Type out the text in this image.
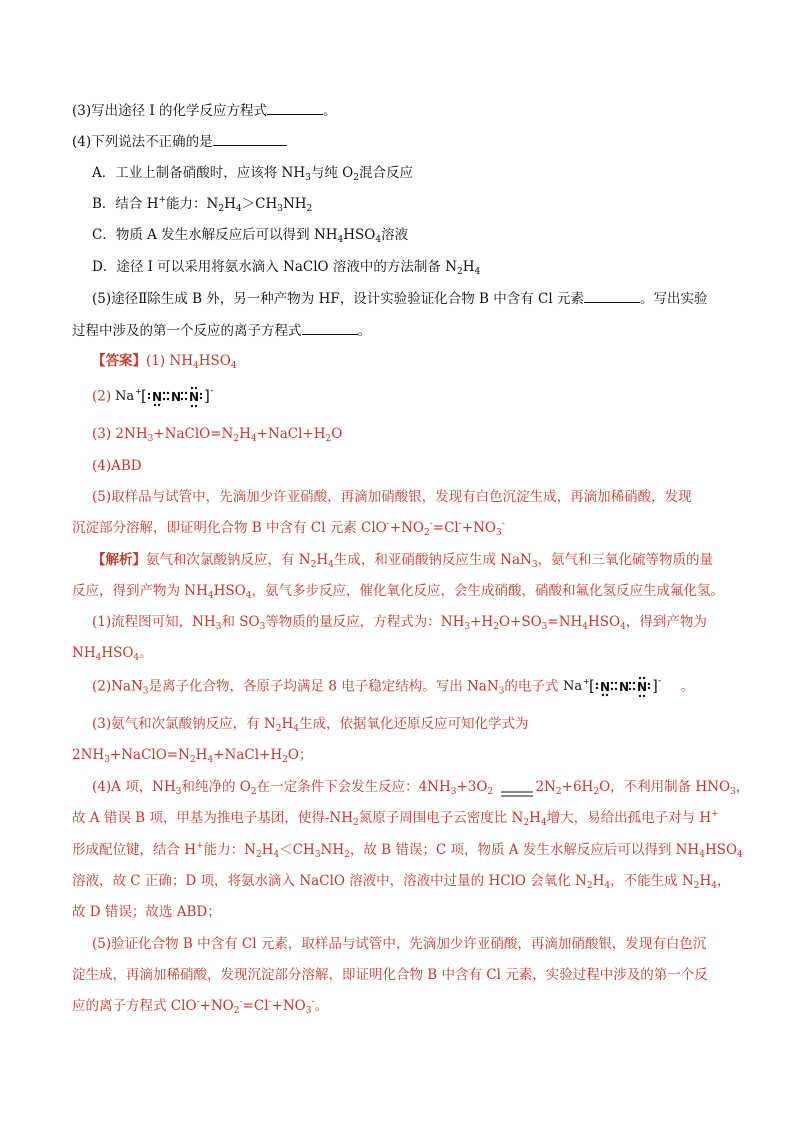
(3)写出途径 I 的化学反应方程式	。
(4)下列说法不正确的是
A．工业上制备硝酸时，应该将 $NH_3$与纯 $O_2$混合反应
B．结合 H+能力：$N_2H_4>CH_3NH_2$
C．物质 A 发生水解反应后可以得到 $NH_4HSO_4$溶液
D．途径 I 可以采用将氨水滴入 NaClO 溶液中的方法制备 $N_2H_4$
(5)途径Ⅱ除生成 B 外，另一种产物为 HF，设计实验验证化合物 B 中含有 Cl 元素	。写出实验
过程中涉及的第一个反应的离子方程式	。
【答案】(1) $NH_4HSO_4$
(2) Na + [ N N N ] -
(3) $2NH_3+NaClO=N_2H_4+NaCl+H_2O$
(4)ABD
(5)取样品与试管中，先滴加少许亚硝酸，再滴加硝酸银，发现有白色沉淀生成，再滴加稀硝酸，发现
沉淀部分溶解，即证明化合物 B 中含有 Cl 元素 $ClO^-+NO_2^-=Cl^-+NO_3^-$
【解析】氨气和次氯酸钠反应，有 $N_2H_4$生成，和亚硝酸钠反应生成 NaN$_3$，氨气和三氧化硫等物质的量
反应，得到产物为 $NH_4HSO_4$，氨气多步反应，催化氧化反应，会生成硝酸，硝酸和氟化氢反应生成氟化氢。
(1)流程图可知，$NH_3$和 $SO_3$等物质的量反应，方程式为：$NH_3+H_2O+SO_3=NH_4HSO_4$，得到产物为
$NH_4HSO_4$。
(2)NaN$_3$是离子化合物，各原子均满足 8 电子稳定结构。写出 NaN$_3$的电子式 Na + [ N N N ] - 。
(3)氨气和次氯酸钠反应，有 $N_2H_4$生成，依据氧化还原反应可知化学式为
$2NH_3+NaClO=N_2H_4+NaCl+H_2O$；
(4)A 项，$NH_3$和纯净的 $O_2$在一定条件下会发生反应：$4NH_3+3O_2$	$2N_2+6H_2O$，不利用制备 $HNO_3$，
故 A 错误 B 项，甲基为推电子基团，使得$-NH_2$氮原子周围电子云密度比 $N_2H_4$增大，易给出孤电子对与 H+
形成配位键，结合 H+能力：$N_2H_4<CH_3NH_2$，故 B 错误；C 项，物质 A 发生水解反应后可以得到 $NH_4HSO_4$
溶液，故 C 正确；D 项，将氨水滴入 NaClO 溶液中，溶液中过量的 HClO 会氧化 $N_2H_4$，不能生成 $N_2H_4$，
故 D 错误；故选 ABD；
(5)验证化合物 B 中含有 Cl 元素，取样品与试管中，先滴加少许亚硝酸，再滴加硝酸银，发现有白色沉
淀生成，再滴加稀硝酸，发现沉淀部分溶解，即证明化合物 B 中含有 Cl 元素，实验过程中涉及的第一个反
应的离子方程式 $ClO^-+NO_2^-=Cl^-+NO_3^-$。
